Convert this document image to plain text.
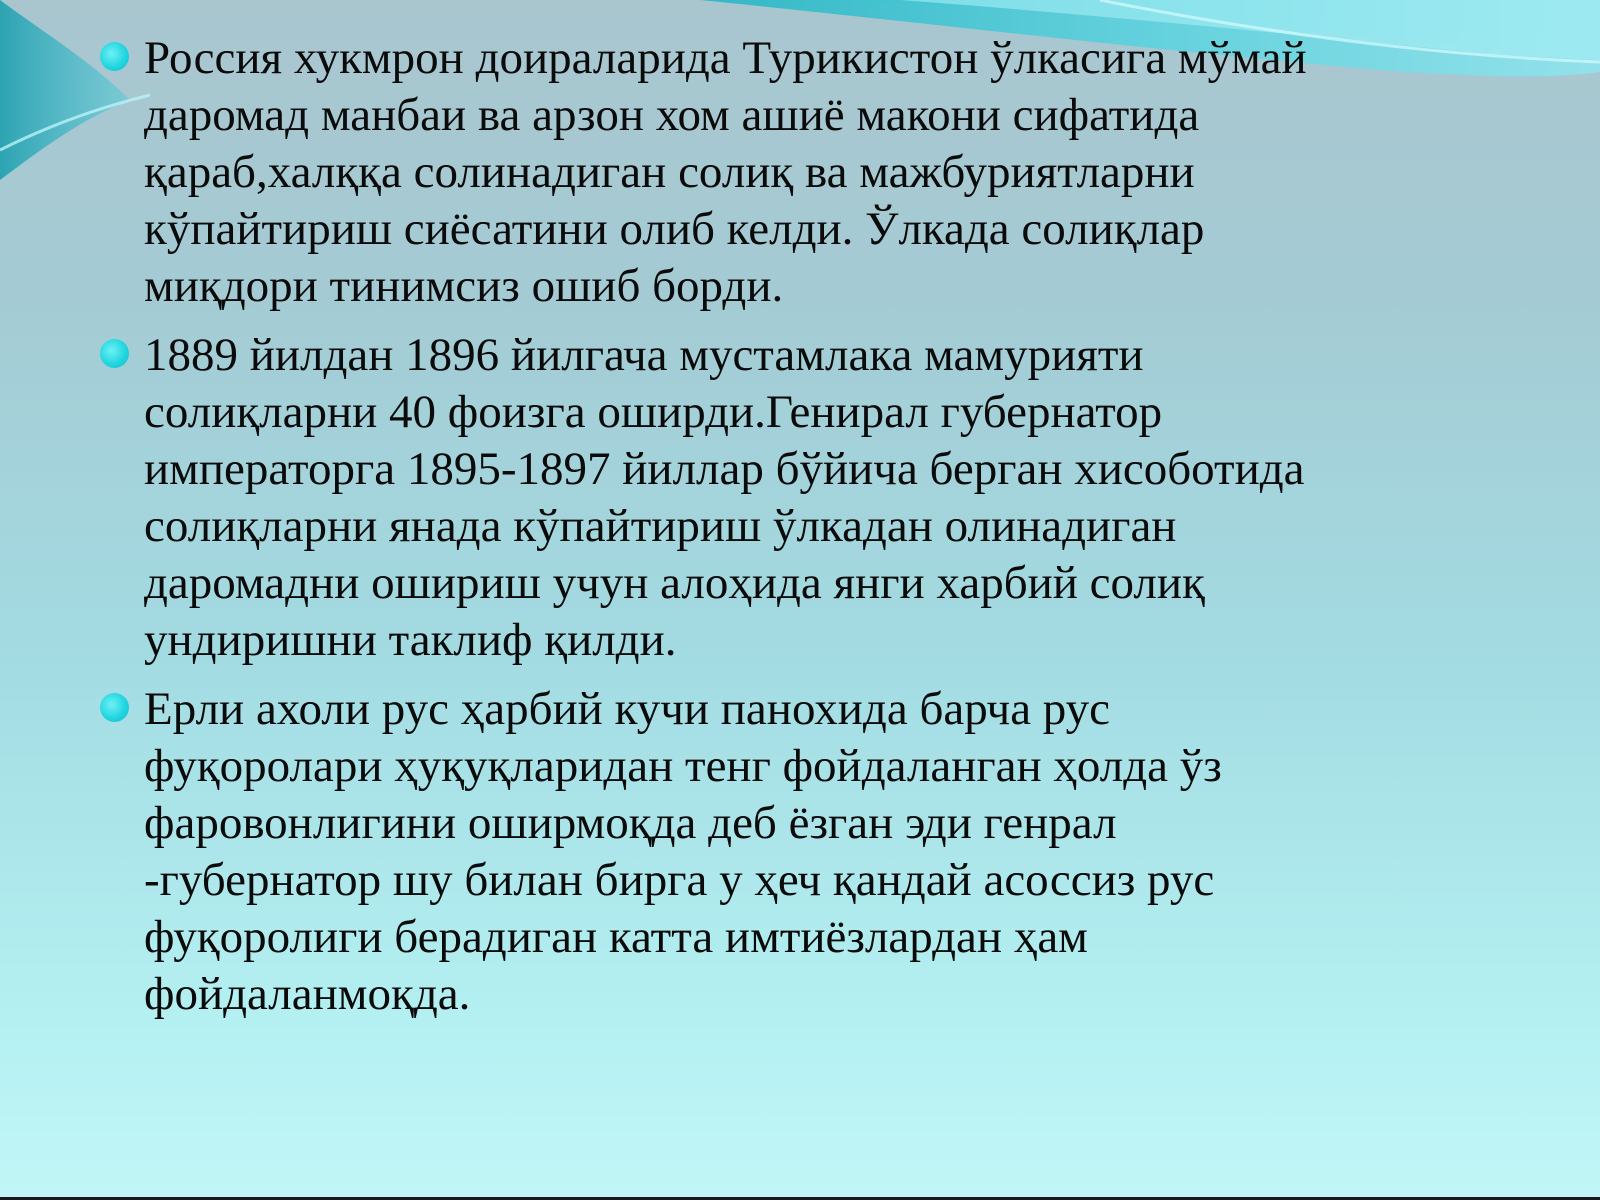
Россия хукмрон доираларида Турикистон ўлкасига мўмай
даромад манбаи ва арзон хом ашиё макони сифатида
қараб,халққа солинадиган солиқ ва мажбуриятларни
кўпайтириш сиёсатини олиб келди. Ўлкада солиқлар
миқдори тинимсиз ошиб борди.
1889 йилдан 1896 йилгача мустамлака мамурияти
солиқларни 40 фоизга оширди.Генирал губернатор
императорга 1895-1897 йиллар бўйича берган хисоботида
солиқларни янада кўпайтириш ўлкадан олинадиган
даромадни ошириш учун алоҳида янги харбий солиқ
ундиришни таклиф қилди.
Ерли ахоли рус ҳарбий кучи панохида барча рус
фуқоролари ҳуқуқларидан тенг фойдаланган ҳолда ўз
фаровонлигини оширмоқда деб ёзган эди генрал
-губернатор шу билан бирга у ҳеч қандай асоссиз рус
фуқоролиги берадиган катта имтиёзлардан ҳам
фойдаланмоқда.
